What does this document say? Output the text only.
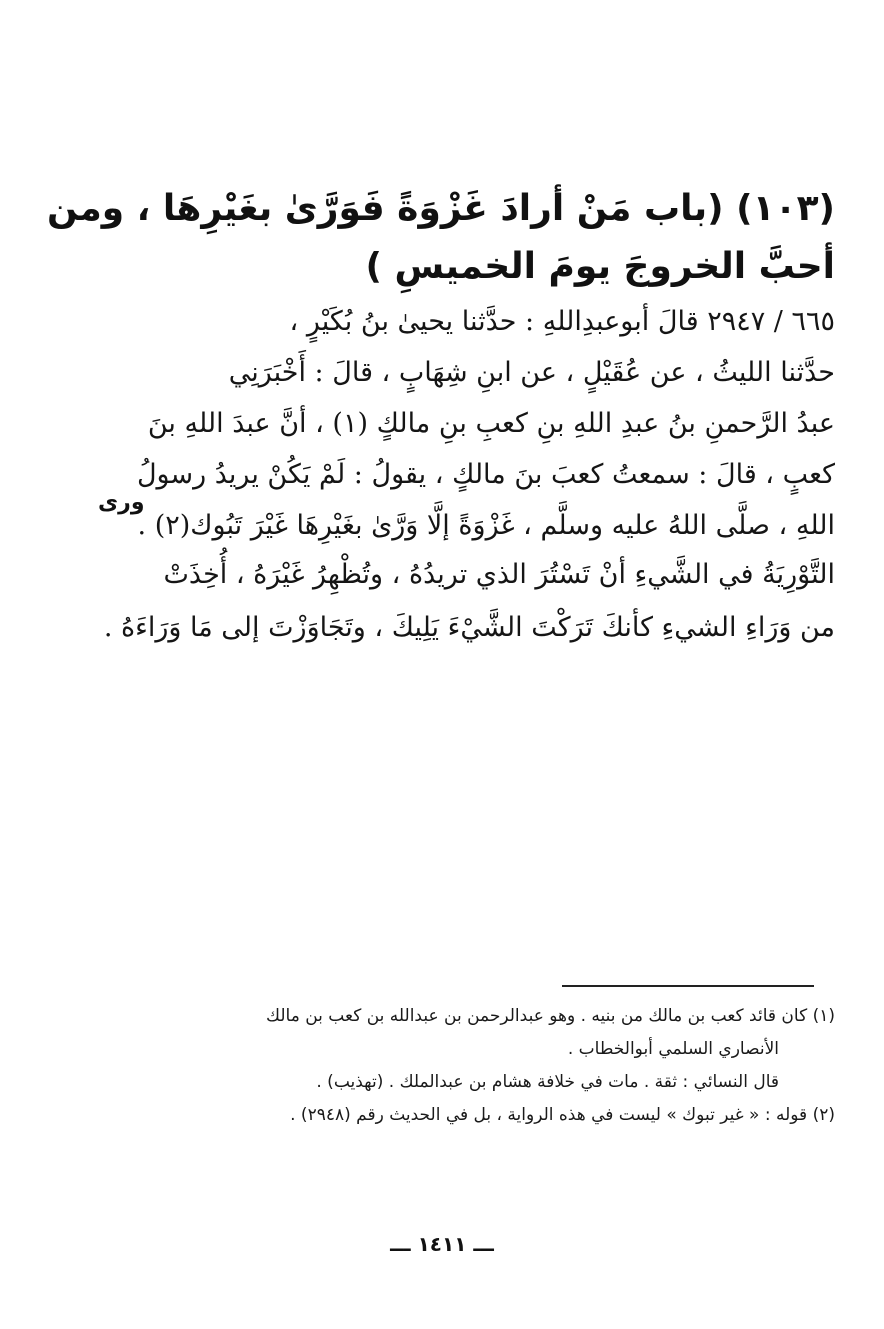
(١٠٣) (باب مَنْ أرادَ غَزْوَةً فَوَرَّىٰ بغَيْرِهَا ، ومن
أحبَّ الخروجَ يومَ الخميسِ )
٦٦٥ / ٢٩٤٧ قالَ أبوعبدِاللهِ : حدَّثنا يحيىٰ بنُ بُكَيْرٍ ،
حدَّثنا الليثُ ، عن عُقَيْلٍ ، عن ابنِ شِهَابٍ ، قالَ : أَخْبَرَنِي
عبدُ الرَّحمنِ بنُ عبدِ اللهِ بنِ كعبِ بنِ مالكٍ (١) ، أنَّ عبدَ اللهِ بنَ
كعبٍ ، قالَ : سمعتُ كعبَ بنَ مالكٍ ، يقولُ : لَمْ يَكُنْ يريدُ رسولُ
اللهِ ، صلَّى اللهُ عليه وسلَّم ، غَزْوَةً إلَّا وَرَّىٰ بغَيْرِهَا غَيْرَ تَبُوك(٢) .
ورى
التَّوْرِيَةُ في الشَّيءِ أنْ تَسْتُرَ الذي تريدُهُ ، وتُظْهِرُ غَيْرَهُ ، أُخِذَتْ
من وَرَاءِ الشيءِ كأنكَ تَرَكْتَ الشَّيْءَ يَلِيكَ ، وتَجَاوَزْتَ إلى مَا وَرَاءَهُ .
(١) كان قائد كعب بن مالك من بنيه . وهو عبدالرحمن بن عبدالله بن كعب بن مالك
الأنصاري السلمي أبوالخطاب .
قال النسائي : ثقة . مات في خلافة هشام بن عبدالملك . (تهذيب) .
(٢) قوله : « غير تبوك » ليست في هذه الرواية ، بل في الحديث رقم (٢٩٤٨) .
ـــ ١٤١١ ـــ
